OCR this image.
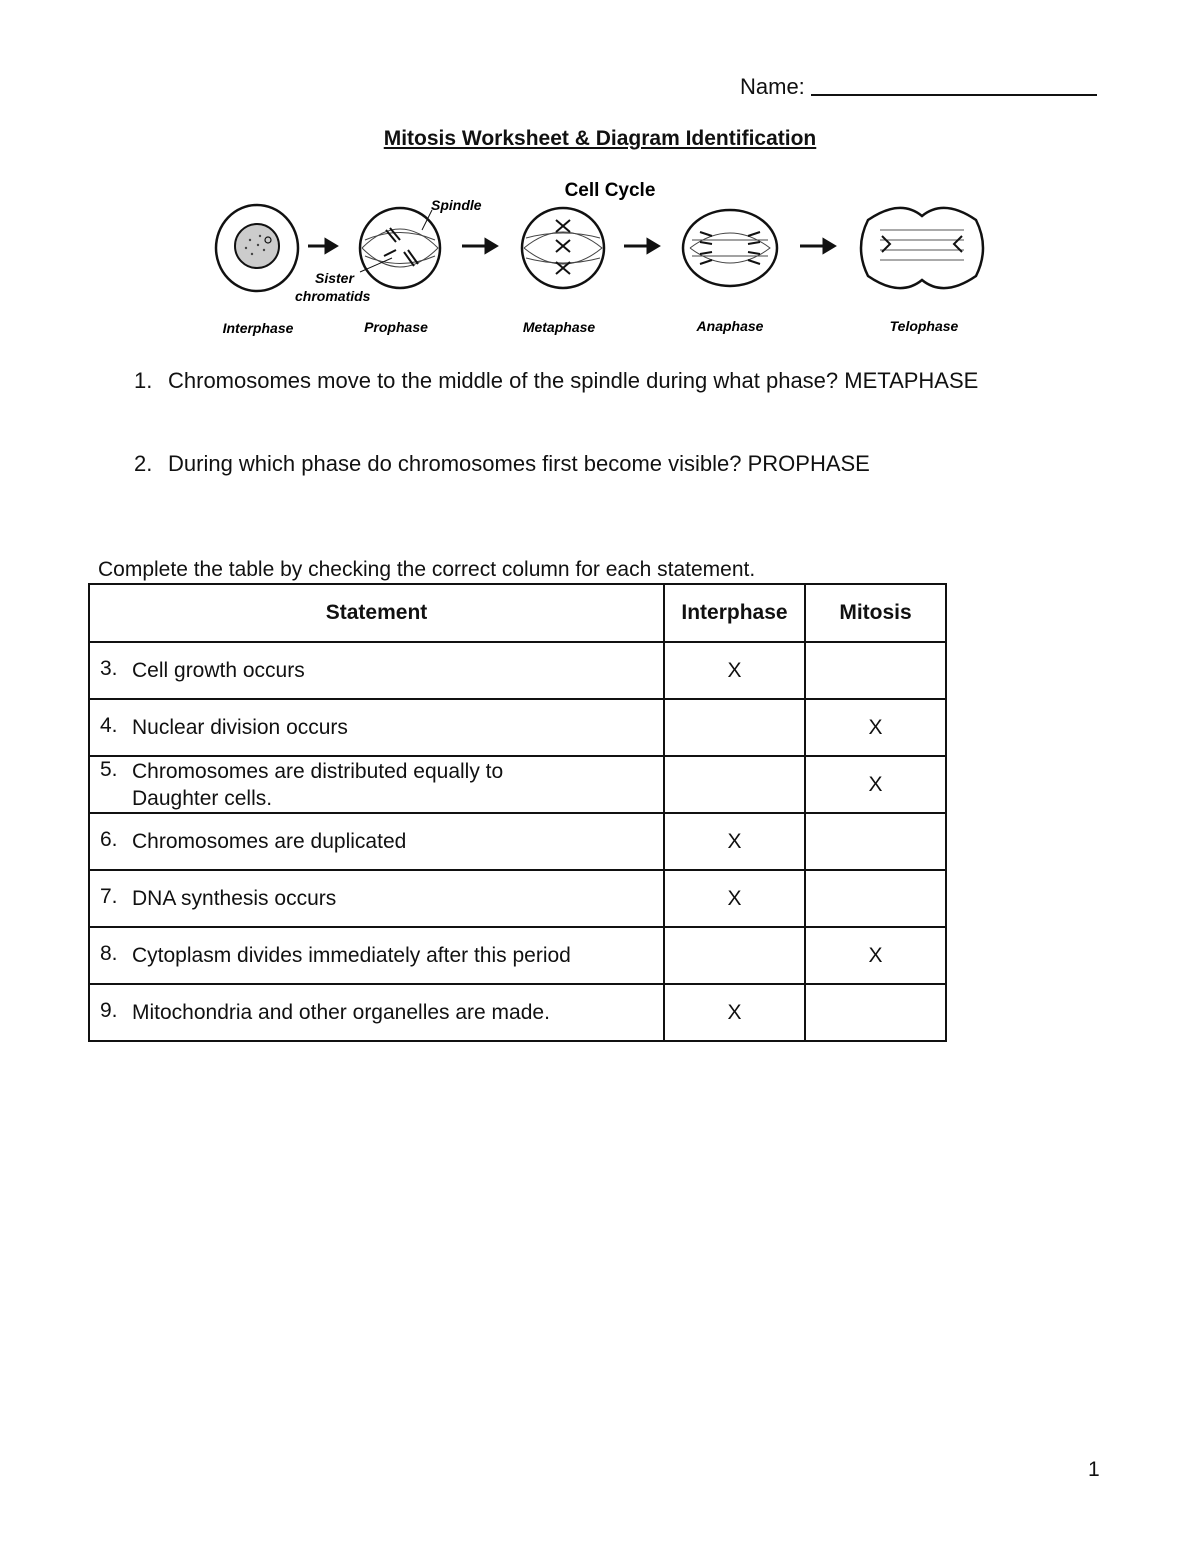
Name:
Mitosis Worksheet & Diagram Identification
Cell Cycle
Spindle
Sister
chromatids
Interphase	Prophase	Metaphase	Anaphase	Telophase
1. Chromosomes move to the middle of the spindle during what phase? METAPHASE
2. During which phase do chromosomes first become visible? PROPHASE
Complete the table by checking the correct column for each statement.
Statement	Interphase	Mitosis

3. Cell growth occurs	X	

4. Nuclear division occurs		X

5. Chromosomes are distributed equally to
Daughter cells.		X

6. Chromosomes are duplicated	X	

7. DNA synthesis occurs	X	

8. Cytoplasm divides immediately after this period		X

9. Mitochondria and other organelles are made.	X	
1
